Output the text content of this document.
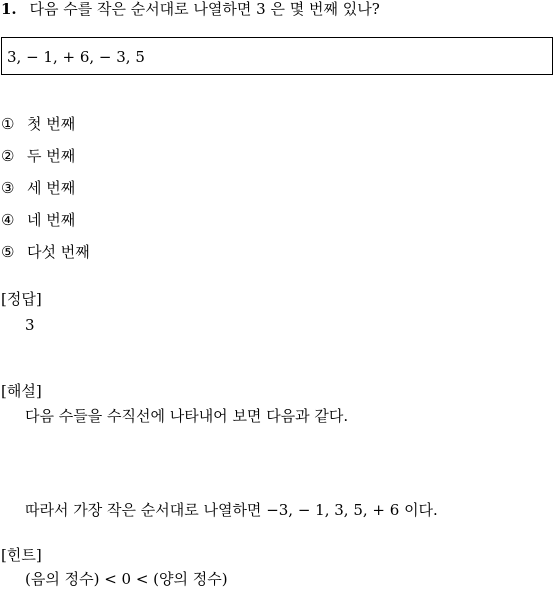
1. 다음 수를 작은 순서대로 나열하면 3 은 몇 번째 있나?
3, − 1, + 6, − 3, 5
① 첫 번째
② 두 번째
③ 세 번째
④ 네 번째
⑤ 다섯 번째
[정답]
3
[해설]
다음 수들을 수직선에 나타내어 보면 다음과 같다.
따라서 가장 작은 순서대로 나열하면 −3, − 1, 3, 5, + 6 이다.
[힌트]
(음의 정수) < 0 < (양의 정수)
